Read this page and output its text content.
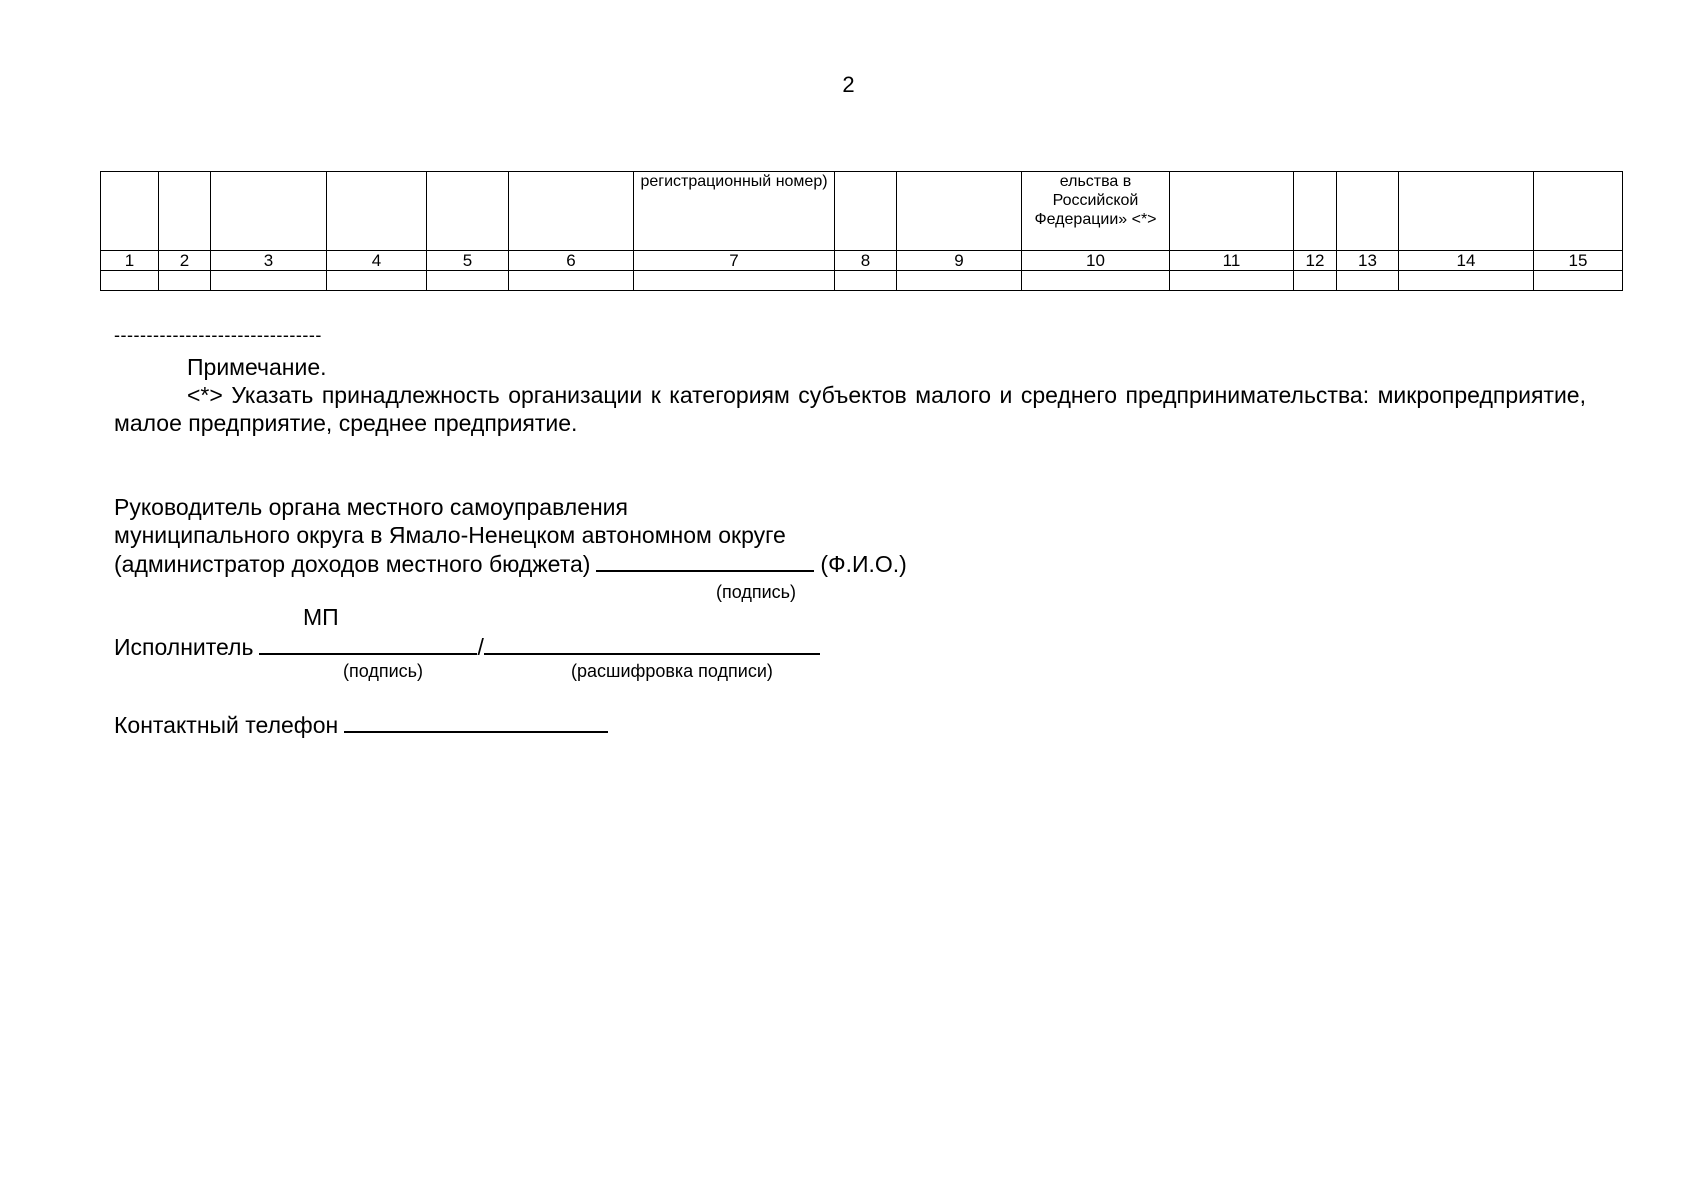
2
						регистрационный номер)			ельства в Российской Федерации» <*>					
1	2	3	4	5	6	7	8	9	10	11	12	13	14	15

--------------------------------
Примечание.
<*> Указать принадлежность организации к категориям субъектов малого и среднего предпринимательства: микропредприятие, малое предприятие, среднее предприятие.
Руководитель органа местного самоуправления
муниципального округа в Ямало-Ненецком автономном округе
(администратор доходов местного бюджета)	(Ф.И.О.)
(подпись)
МП
Исполнитель	/
(подпись)	(расшифровка подписи)
Контактный телефон
